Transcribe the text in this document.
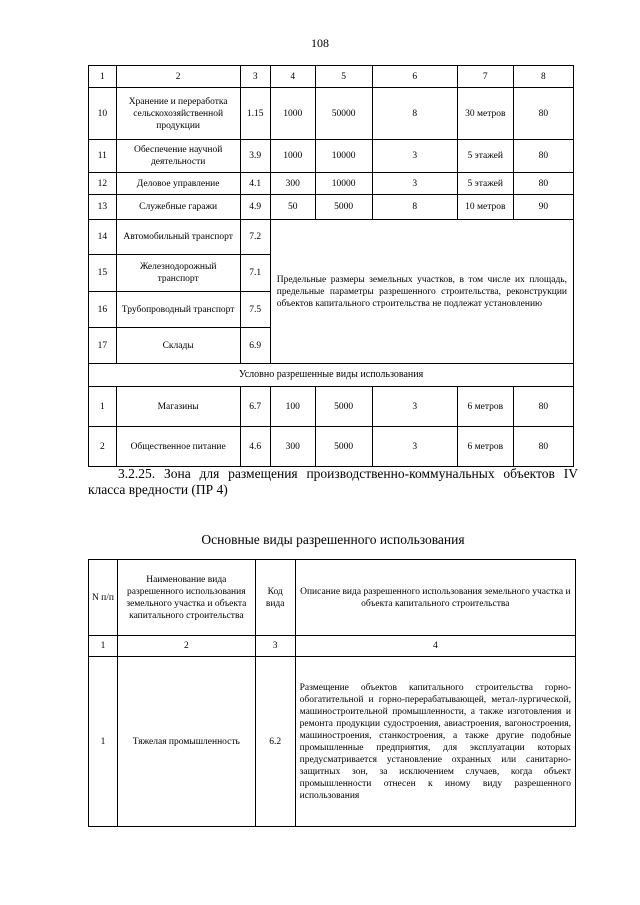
108
1	2	3	4	5	6	7	8
10	Хранение и переработка сельскохозяйственной продукции	1.15	1000	50000	8	30 метров	80
11	Обеспечение научной деятельности	3.9	1000	10000	3	5 этажей	80
12	Деловое управление	4.1	300	10000	3	5 этажей	80
13	Служебные гаражи	4.9	50	5000	8	10 метров	90
14	Автомобильный транспорт	7.2	Предельные размеры земельных участков, в том числе их площадь, предельные параметры разрешенного строительства, реконструкции объектов капитального строительства не подлежат установлению				
15	Железнодорожный транспорт	7.1					
16	Трубопроводный транспорт	7.5					
17	Склады	6.9					
Условно разрешенные виды использования							
1	Магазины	6.7	100	5000	3	6 метров	80
2	Общественное питание	4.6	300	5000	3	6 метров	80
3.2.25. Зона для размещения производственно-коммунальных объектов IV класса вредности (ПР 4)
Основные виды разрешенного использования
N п/п	Наименование вида разрешенного использования земельного участка и объекта капитального строительства	Код вида	Описание вида разрешенного использования земельного участка и объекта капитального строительства
1	2	3	4
1	Тяжелая промышленность	6.2	Размещение объектов капитального строительства горно-обогатительной и горно-перерабатывающей, метал-лургической, машиностроительной промышленности, а также изготовления и ремонта продукции судостроения, авиастроения, вагоностроения, машиностроения, станкостроения, а также другие подобные промышленные предприятия, для эксплуатации которых предусматривается установление охранных или санитарно-защитных зон, за исключением случаев, когда объект промышленности отнесен к иному виду разрешенного использования
